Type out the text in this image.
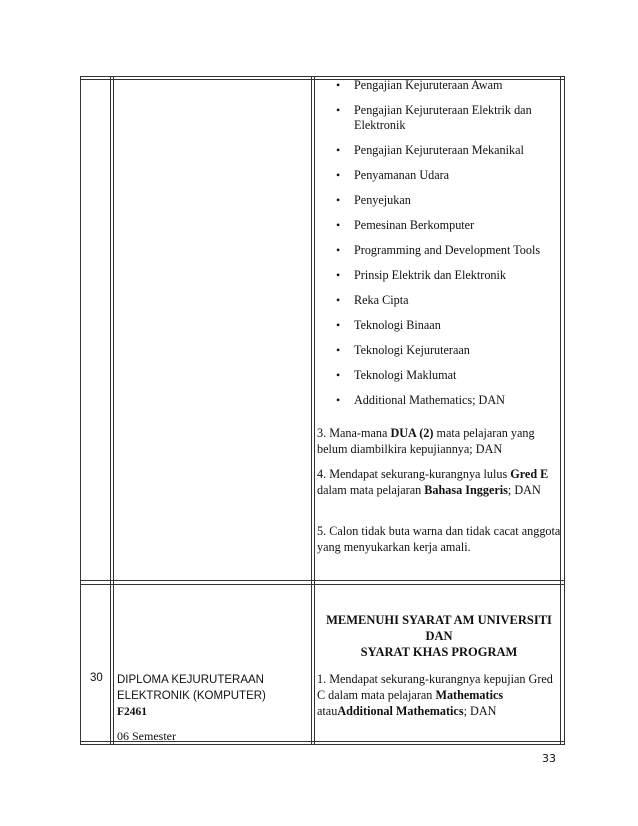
• Pengajian Kejuruteraan Awam
• Pengajian Kejuruteraan Elektrik dan Elektronik
• Pengajian Kejuruteraan Mekanikal
• Penyamanan Udara
• Penyejukan
• Pemesinan Berkomputer
• Programming and Development Tools
• Prinsip Elektrik dan Elektronik
• Reka Cipta
• Teknologi Binaan
• Teknologi Kejuruteraan
• Teknologi Maklumat
• Additional Mathematics; DAN
3. Mana-mana DUA (2) mata pelajaran yang belum diambilkira kepujiannya; DAN
4. Mendapat sekurang-kurangnya lulus Gred E dalam mata pelajaran Bahasa Inggeris; DAN
5. Calon tidak buta warna dan tidak cacat anggota yang menyukarkan kerja amali.
MEMENUHI SYARAT AM UNIVERSITI
DAN
SYARAT KHAS PROGRAM
30 DIPLOMA KEJURUTERAAN
ELEKTRONIK (KOMPUTER)
F2461
06 Semester
1. Mendapat sekurang-kurangnya kepujian Gred C dalam mata pelajaran Mathematics atauAdditional Mathematics; DAN
33
